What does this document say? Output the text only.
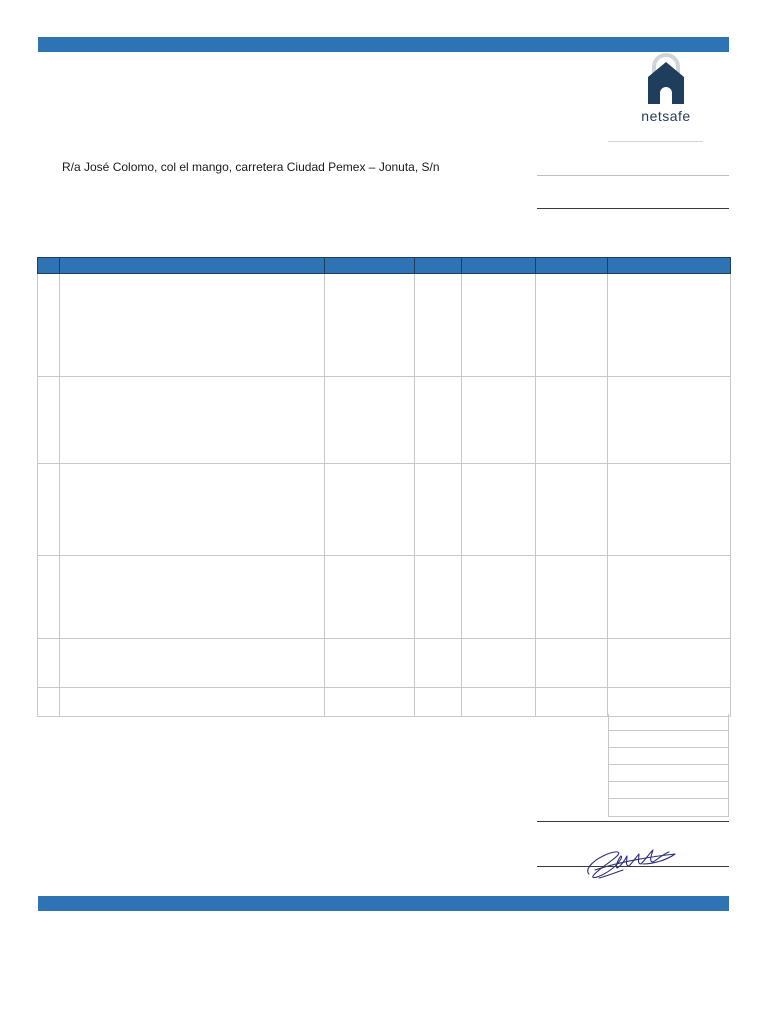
netsafe
R/a José Colomo, col el mango, carretera Ciudad Pemex – Jonuta, S/n
